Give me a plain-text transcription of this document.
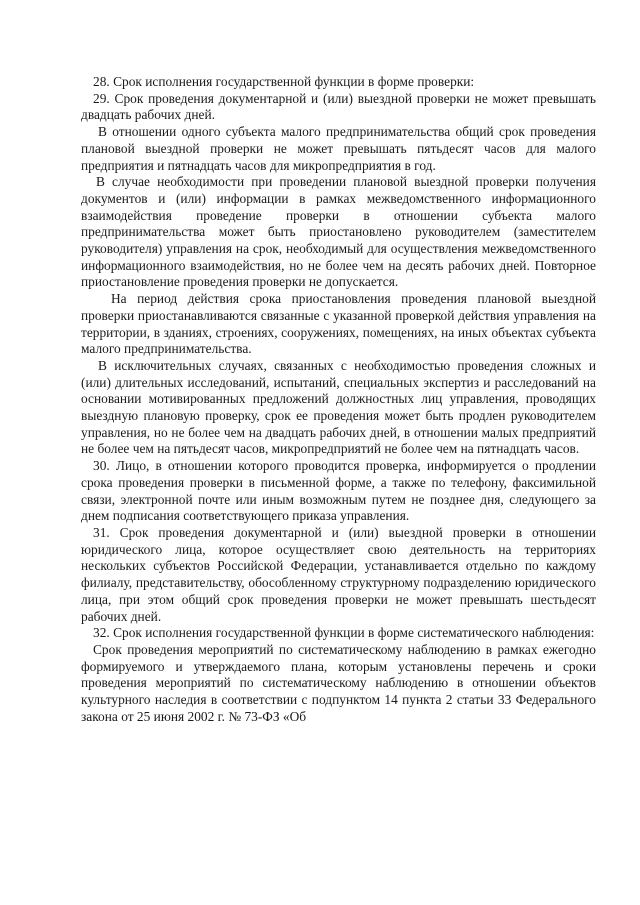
28. Срок исполнения государственной функции в форме проверки:

29. Срок проведения документарной и (или) выездной проверки не может превышать двадцать рабочих дней.

В отношении одного субъекта малого предпринимательства общий срок проведения плановой выездной проверки не может превышать пятьдесят часов для малого предприятия и пятнадцать часов для микропредприятия в год.

В случае необходимости при проведении плановой выездной проверки получения документов и (или) информации в рамках межведомственного информационного взаимодействия проведение проверки в отношении субъекта малого предпринимательства может быть приостановлено руководителем (заместителем руководителя) управления на срок, необходимый для осуществления межведомственного информационного взаимодействия, но не более чем на десять рабочих дней. Повторное приостановление проведения проверки не допускается.

На период действия срока приостановления проведения плановой выездной проверки приостанавливаются связанные с указанной проверкой действия управления на территории, в зданиях, строениях, сооружениях, помещениях, на иных объектах субъекта малого предпринимательства.

В исключительных случаях, связанных с необходимостью проведения сложных и (или) длительных исследований, испытаний, специальных экспертиз и расследований на основании мотивированных предложений должностных лиц управления, проводящих выездную плановую проверку, срок ее проведения может быть продлен руководителем управления, но не более чем на двадцать рабочих дней, в отношении малых предприятий не более чем на пятьдесят часов, микропредприятий не более чем на пятнадцать часов.

30. Лицо, в отношении которого проводится проверка, информируется о продлении срока проведения проверки в письменной форме, а также по телефону, факсимильной связи, электронной почте или иным возможным путем не позднее дня, следующего за днем подписания соответствующего приказа управления.

31. Срок проведения документарной и (или) выездной проверки в отношении юридического лица, которое осуществляет свою деятельность на территориях нескольких субъектов Российской Федерации, устанавливается отдельно по каждому филиалу, представительству, обособленному структурному подразделению юридического лица, при этом общий срок проведения проверки не может превышать шестьдесят рабочих дней.

32. Срок исполнения государственной функции в форме систематического наблюдения:

Срок проведения мероприятий по систематическому наблюдению в рамках ежегодно формируемого и утверждаемого плана, которым установлены перечень и сроки проведения мероприятий по систематическому наблюдению в отношении объектов культурного наследия в соответствии с подпунктом 14 пункта 2 статьи 33 Федерального закона от 25 июня 2002 г. № 73-ФЗ «Об
